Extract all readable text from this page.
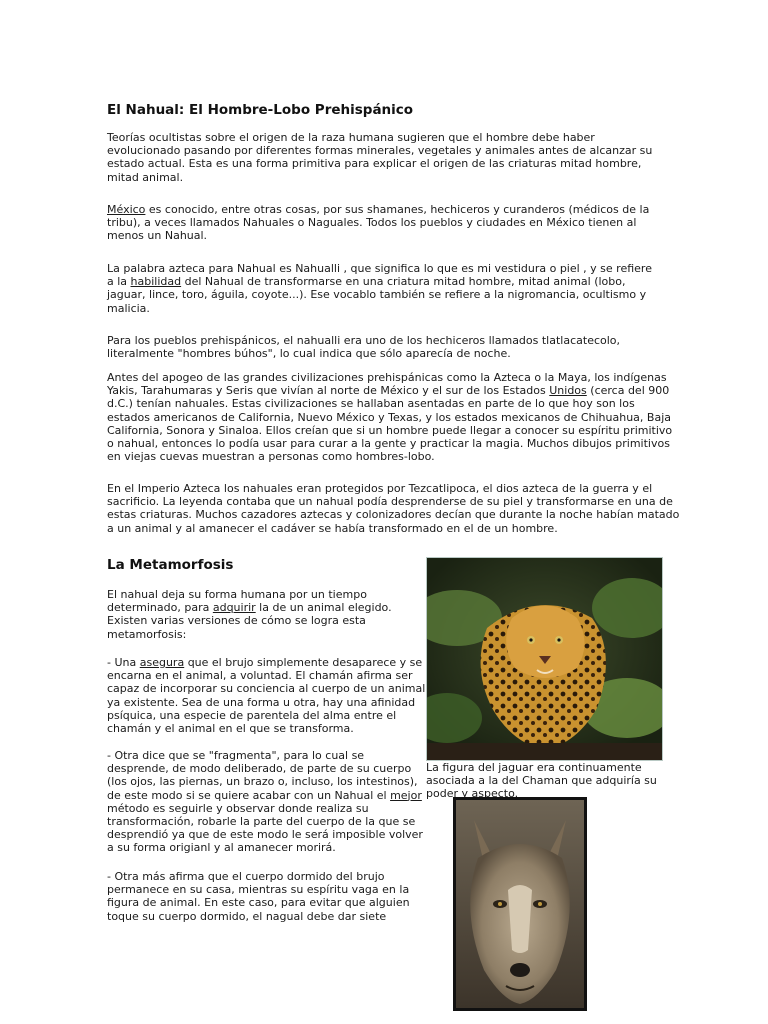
El Nahual: El Hombre-Lobo Prehispánico
Teorías ocultistas sobre el origen de la raza humana sugieren que el hombre debe haber
evolucionado pasando por diferentes formas minerales, vegetales y animales antes de alcanzar su
estado actual. Esta es una forma primitiva para explicar el origen de las criaturas mitad hombre,
mitad animal.
México es conocido, entre otras cosas, por sus shamanes, hechiceros y curanderos (médicos de la
tribu), a veces llamados Nahuales o Naguales. Todos los pueblos y ciudades en México tienen al
menos un Nahual.
La palabra azteca para Nahual es Nahualli , que significa lo que es mi vestidura o piel , y se refiere
a la habilidad del Nahual de transformarse en una criatura mitad hombre, mitad animal (lobo,
jaguar, lince, toro, águila, coyote...). Ese vocablo también se refiere a la nigromancia, ocultismo y
malicia.
Para los pueblos prehispánicos, el nahualli era uno de los hechiceros llamados tlatlacatecolo,
literalmente "hombres búhos", lo cual indica que sólo aparecía de noche.
Antes del apogeo de las grandes civilizaciones prehispánicas como la Azteca o la Maya, los indígenas
Yakis, Tarahumaras y Seris que vivían al norte de México y el sur de los Estados Unidos (cerca del 900
d.C.) tenían nahuales. Estas civilizaciones se hallaban asentadas en parte de lo que hoy son los
estados americanos de California, Nuevo México y Texas, y los estados mexicanos de Chihuahua, Baja
California, Sonora y Sinaloa. Ellos creían que si un hombre puede llegar a conocer su espíritu primitivo
o nahual, entonces lo podía usar para curar a la gente y practicar la magia. Muchos dibujos primitivos
en viejas cuevas muestran a personas como hombres-lobo.
En el Imperio Azteca los nahuales eran protegidos por Tezcatlipoca, el dios azteca de la guerra y el
sacrificio. La leyenda contaba que un nahual podía desprenderse de su piel y transformarse en una de
estas criaturas. Muchos cazadores aztecas y colonizadores decían que durante la noche habían matado
a un animal y al amanecer el cadáver se había transformado en el de un hombre.
La Metamorfosis
El nahual deja su forma humana por un tiempo
determinado, para adquirir la de un animal elegido.
Existen varias versiones de cómo se logra esta
metamorfosis:
- Una asegura que el brujo simplemente desaparece y se
encarna en el animal, a voluntad. El chamán afirma ser
capaz de incorporar su conciencia al cuerpo de un animal
ya existente. Sea de una forma u otra, hay una afinidad
psíquica, una especie de parentela del alma entre el
chamán y el animal en el que se transforma.
- Otra dice que se "fragmenta", para lo cual se
desprende, de modo deliberado, de parte de su cuerpo
(los ojos, las piernas, un brazo o, incluso, los intestinos),
de este modo si se quiere acabar con un Nahual el mejor
método es seguirle y observar donde realiza su
transformación, robarle la parte del cuerpo de la que se
desprendió ya que de este modo le será imposible volver
a su forma origianl y al amanecer morirá.
- Otra más afirma que el cuerpo dormido del brujo
permanece en su casa, mientras su espíritu vaga en la
figura de animal. En este caso, para evitar que alguien
toque su cuerpo dormido, el nagual debe dar siete
La figura del jaguar era continuamente
asociada a la del Chaman que adquiría su
poder y aspecto.
